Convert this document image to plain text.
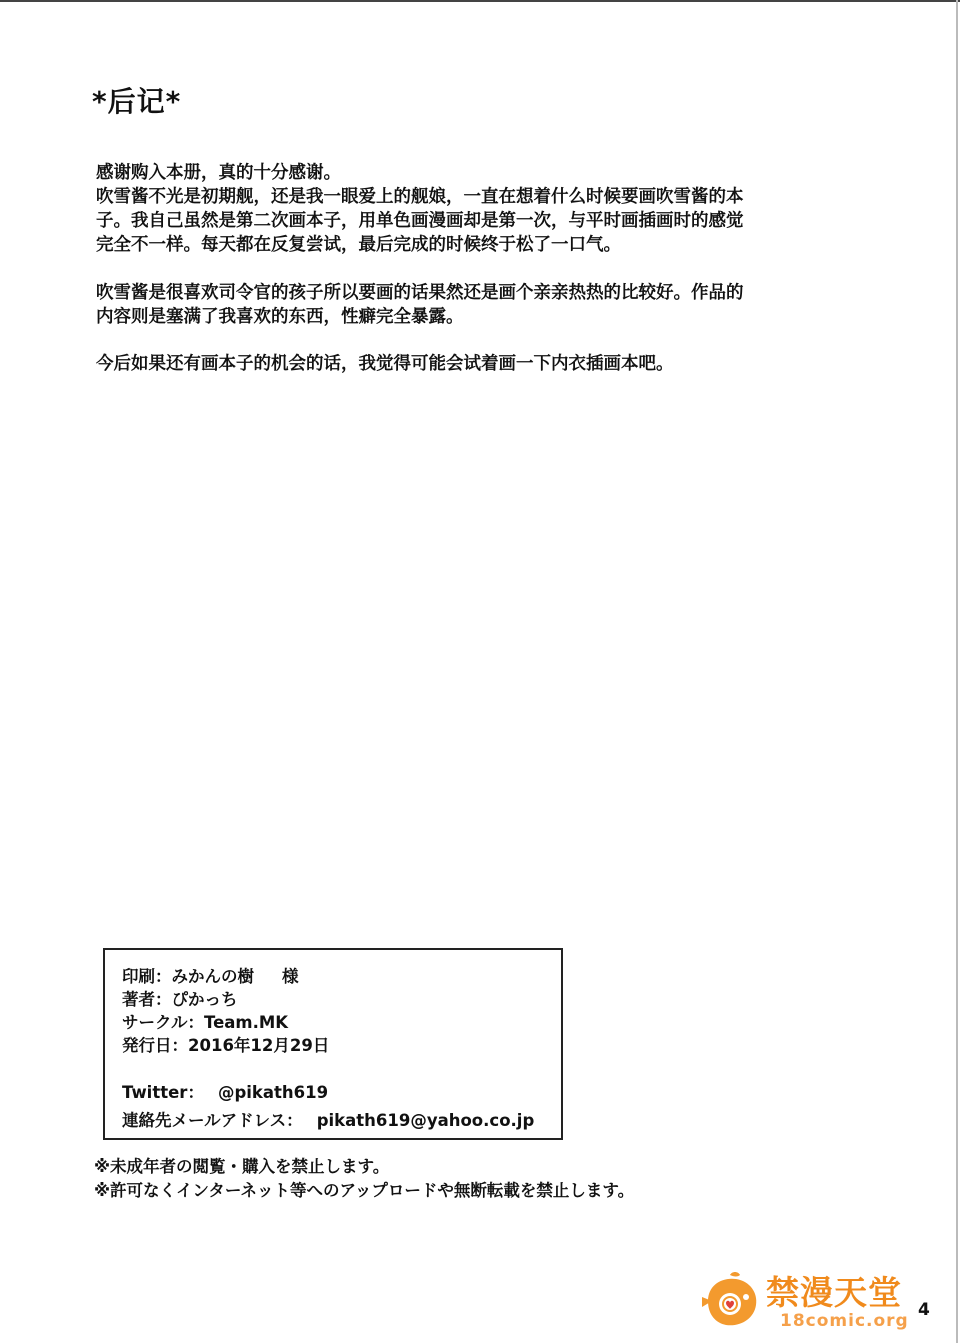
*后记*
感谢购入本册，真的十分感谢。
吹雪酱不光是初期舰，还是我一眼爱上的舰娘，一直在想着什么时候要画吹雪酱的本
子。我自己虽然是第二次画本子，用单色画漫画却是第一次，与平时画插画时的感觉
完全不一样。每天都在反复尝试，最后完成的时候终于松了一口气。
吹雪酱是很喜欢司令官的孩子所以要画的话果然还是画个亲亲热热的比较好。作品的
内容则是塞满了我喜欢的东西，性癖完全暴露。
今后如果还有画本子的机会的话，我觉得可能会试着画一下内衣插画本吧。
印刷：みかんの樹 様
著者：ぴかっち
サークル：Team.MK
発行日：2016年12月29日
Twitter： @pikath619
連絡先メールアドレス： pikath619@yahoo.co.jp
※未成年者の閲覧・購入を禁止します。
※許可なくインターネット等へのアップロードや無断転載を禁止します。
禁漫天堂
18comic.org
4
